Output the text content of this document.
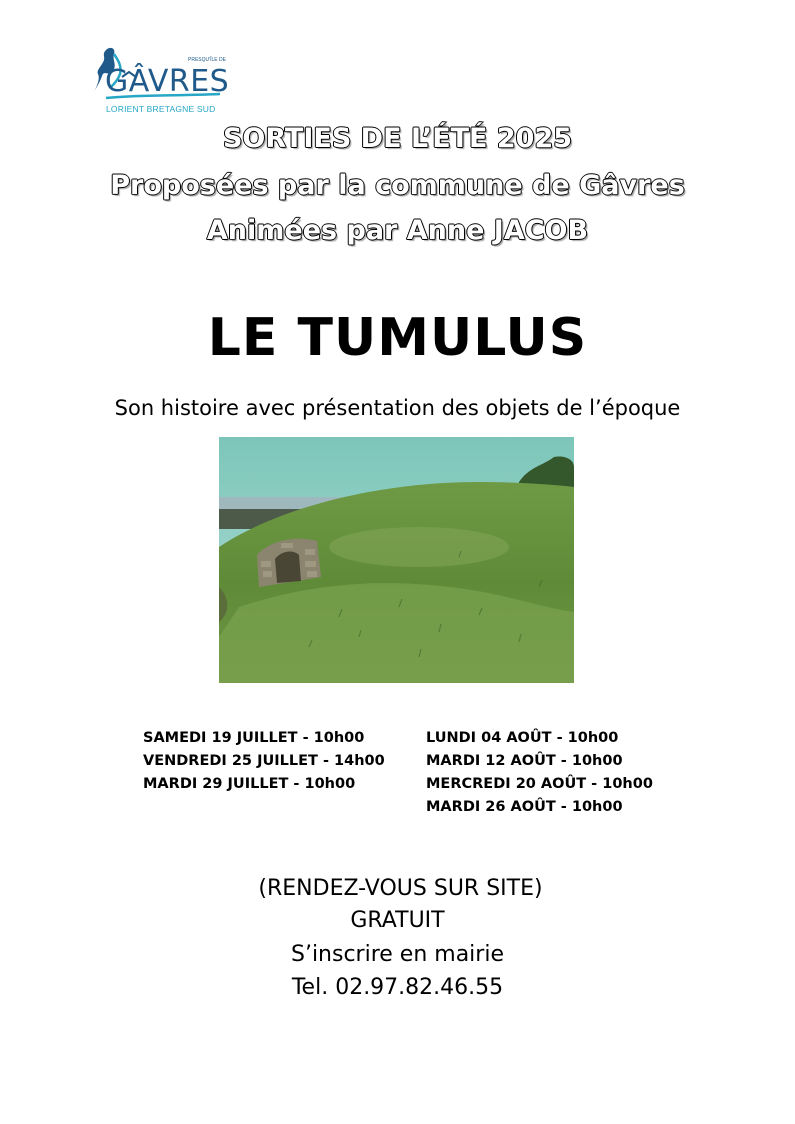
PRESQU'ÎLE DE
GÂVRES
LORIENT BRETAGNE SUD
SORTIES DE L’ÉTÉ 2025
Proposées par la commune de Gâvres
Animées par Anne JACOB
LE TUMULUS
Son histoire avec présentation des objets de l’époque
SAMEDI 19 JUILLET - 10h00
VENDREDI 25 JUILLET - 14h00
MARDI 29 JUILLET - 10h00
LUNDI 04 AOÛT - 10h00
MARDI 12 AOÛT - 10h00
MERCREDI 20 AOÛT - 10h00
MARDI 26 AOÛT - 10h00
(RENDEZ-VOUS SUR SITE)
GRATUIT
S’inscrire en mairie
Tel. 02.97.82.46.55
